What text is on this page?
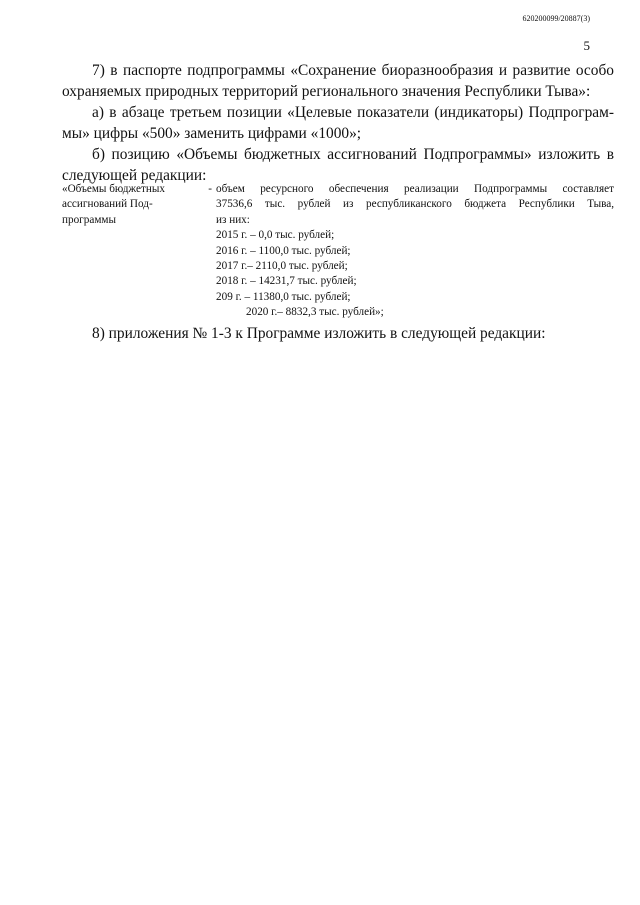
620200099/20887(3)
5

7) в паспорте подпрограммы «Сохранение биоразнообразия и развитие особо

охраняемых природных территорий регионального значения Республики Тыва»:

а) в абзаце третьем позиции «Целевые показатели (индикаторы) Подпрограм-

мы» цифры «500» заменить цифрами «1000»;

б) позицию «Объемы бюджетных ассигнований Подпрограммы» изложить в

следующей редакции:

-
«Объемы бюджетных
ассигнований Под-
программы
объем ресурсного обеспечения реализации Подпрограммы составляет
37536,6 тыс. рублей из республиканского бюджета Республики Тыва,
из них:
2015 г. – 0,0 тыс. рублей;
2016 г. – 1100,0 тыс. рублей;
2017 г.– 2110,0 тыс. рублей;
2018 г. – 14231,7 тыс. рублей;
209 г. – 11380,0 тыс. рублей;
2020 г.– 8832,3 тыс. рублей»;

8) приложения № 1-3 к Программе изложить в следующей редакции:
